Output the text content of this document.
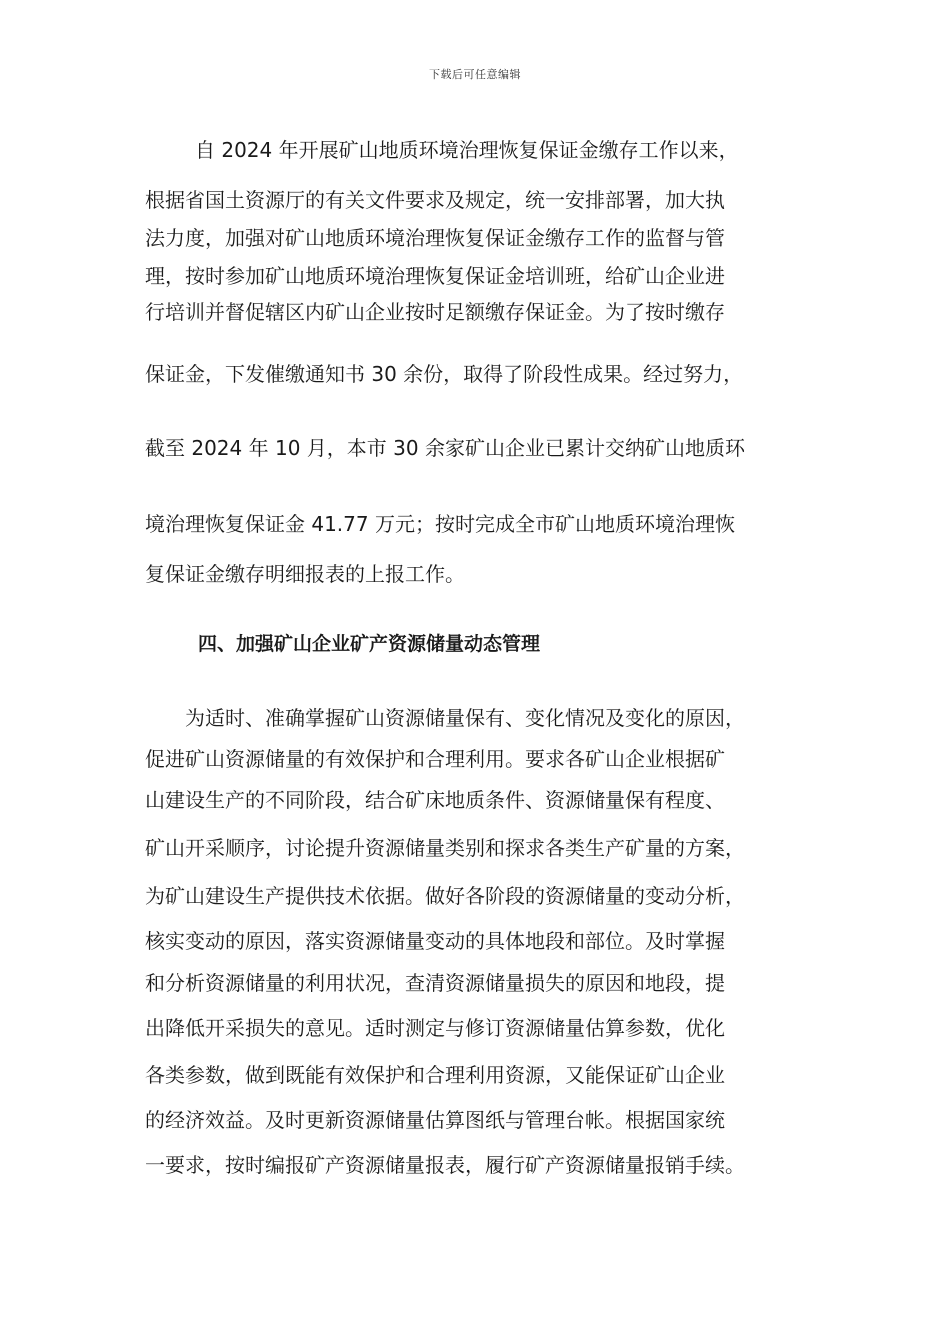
下载后可任意编辑
自 2024 年开展矿山地质环境治理恢复保证金缴存工作以来，
根据省国土资源厅的有关文件要求及规定，统一安排部署，加大执
法力度，加强对矿山地质环境治理恢复保证金缴存工作的监督与管
理，按时参加矿山地质环境治理恢复保证金培训班，给矿山企业进
行培训并督促辖区内矿山企业按时足额缴存保证金。为了按时缴存
保证金，下发催缴通知书 30 余份，取得了阶段性成果。经过努力，
截至 2024 年 10 月，本市 30 余家矿山企业已累计交纳矿山地质环
境治理恢复保证金 41.77 万元；按时完成全市矿山地质环境治理恢
复保证金缴存明细报表的上报工作。
四、加强矿山企业矿产资源储量动态管理
为适时、准确掌握矿山资源储量保有、变化情况及变化的原因，
促进矿山资源储量的有效保护和合理利用。要求各矿山企业根据矿
山建设生产的不同阶段，结合矿床地质条件、资源储量保有程度、
矿山开采顺序，讨论提升资源储量类别和探求各类生产矿量的方案，
为矿山建设生产提供技术依据。做好各阶段的资源储量的变动分析，
核实变动的原因，落实资源储量变动的具体地段和部位。及时掌握
和分析资源储量的利用状况，查清资源储量损失的原因和地段，提
出降低开采损失的意见。适时测定与修订资源储量估算参数，优化
各类参数，做到既能有效保护和合理利用资源，又能保证矿山企业
的经济效益。及时更新资源储量估算图纸与管理台帐。根据国家统
一要求，按时编报矿产资源储量报表，履行矿产资源储量报销手续。
